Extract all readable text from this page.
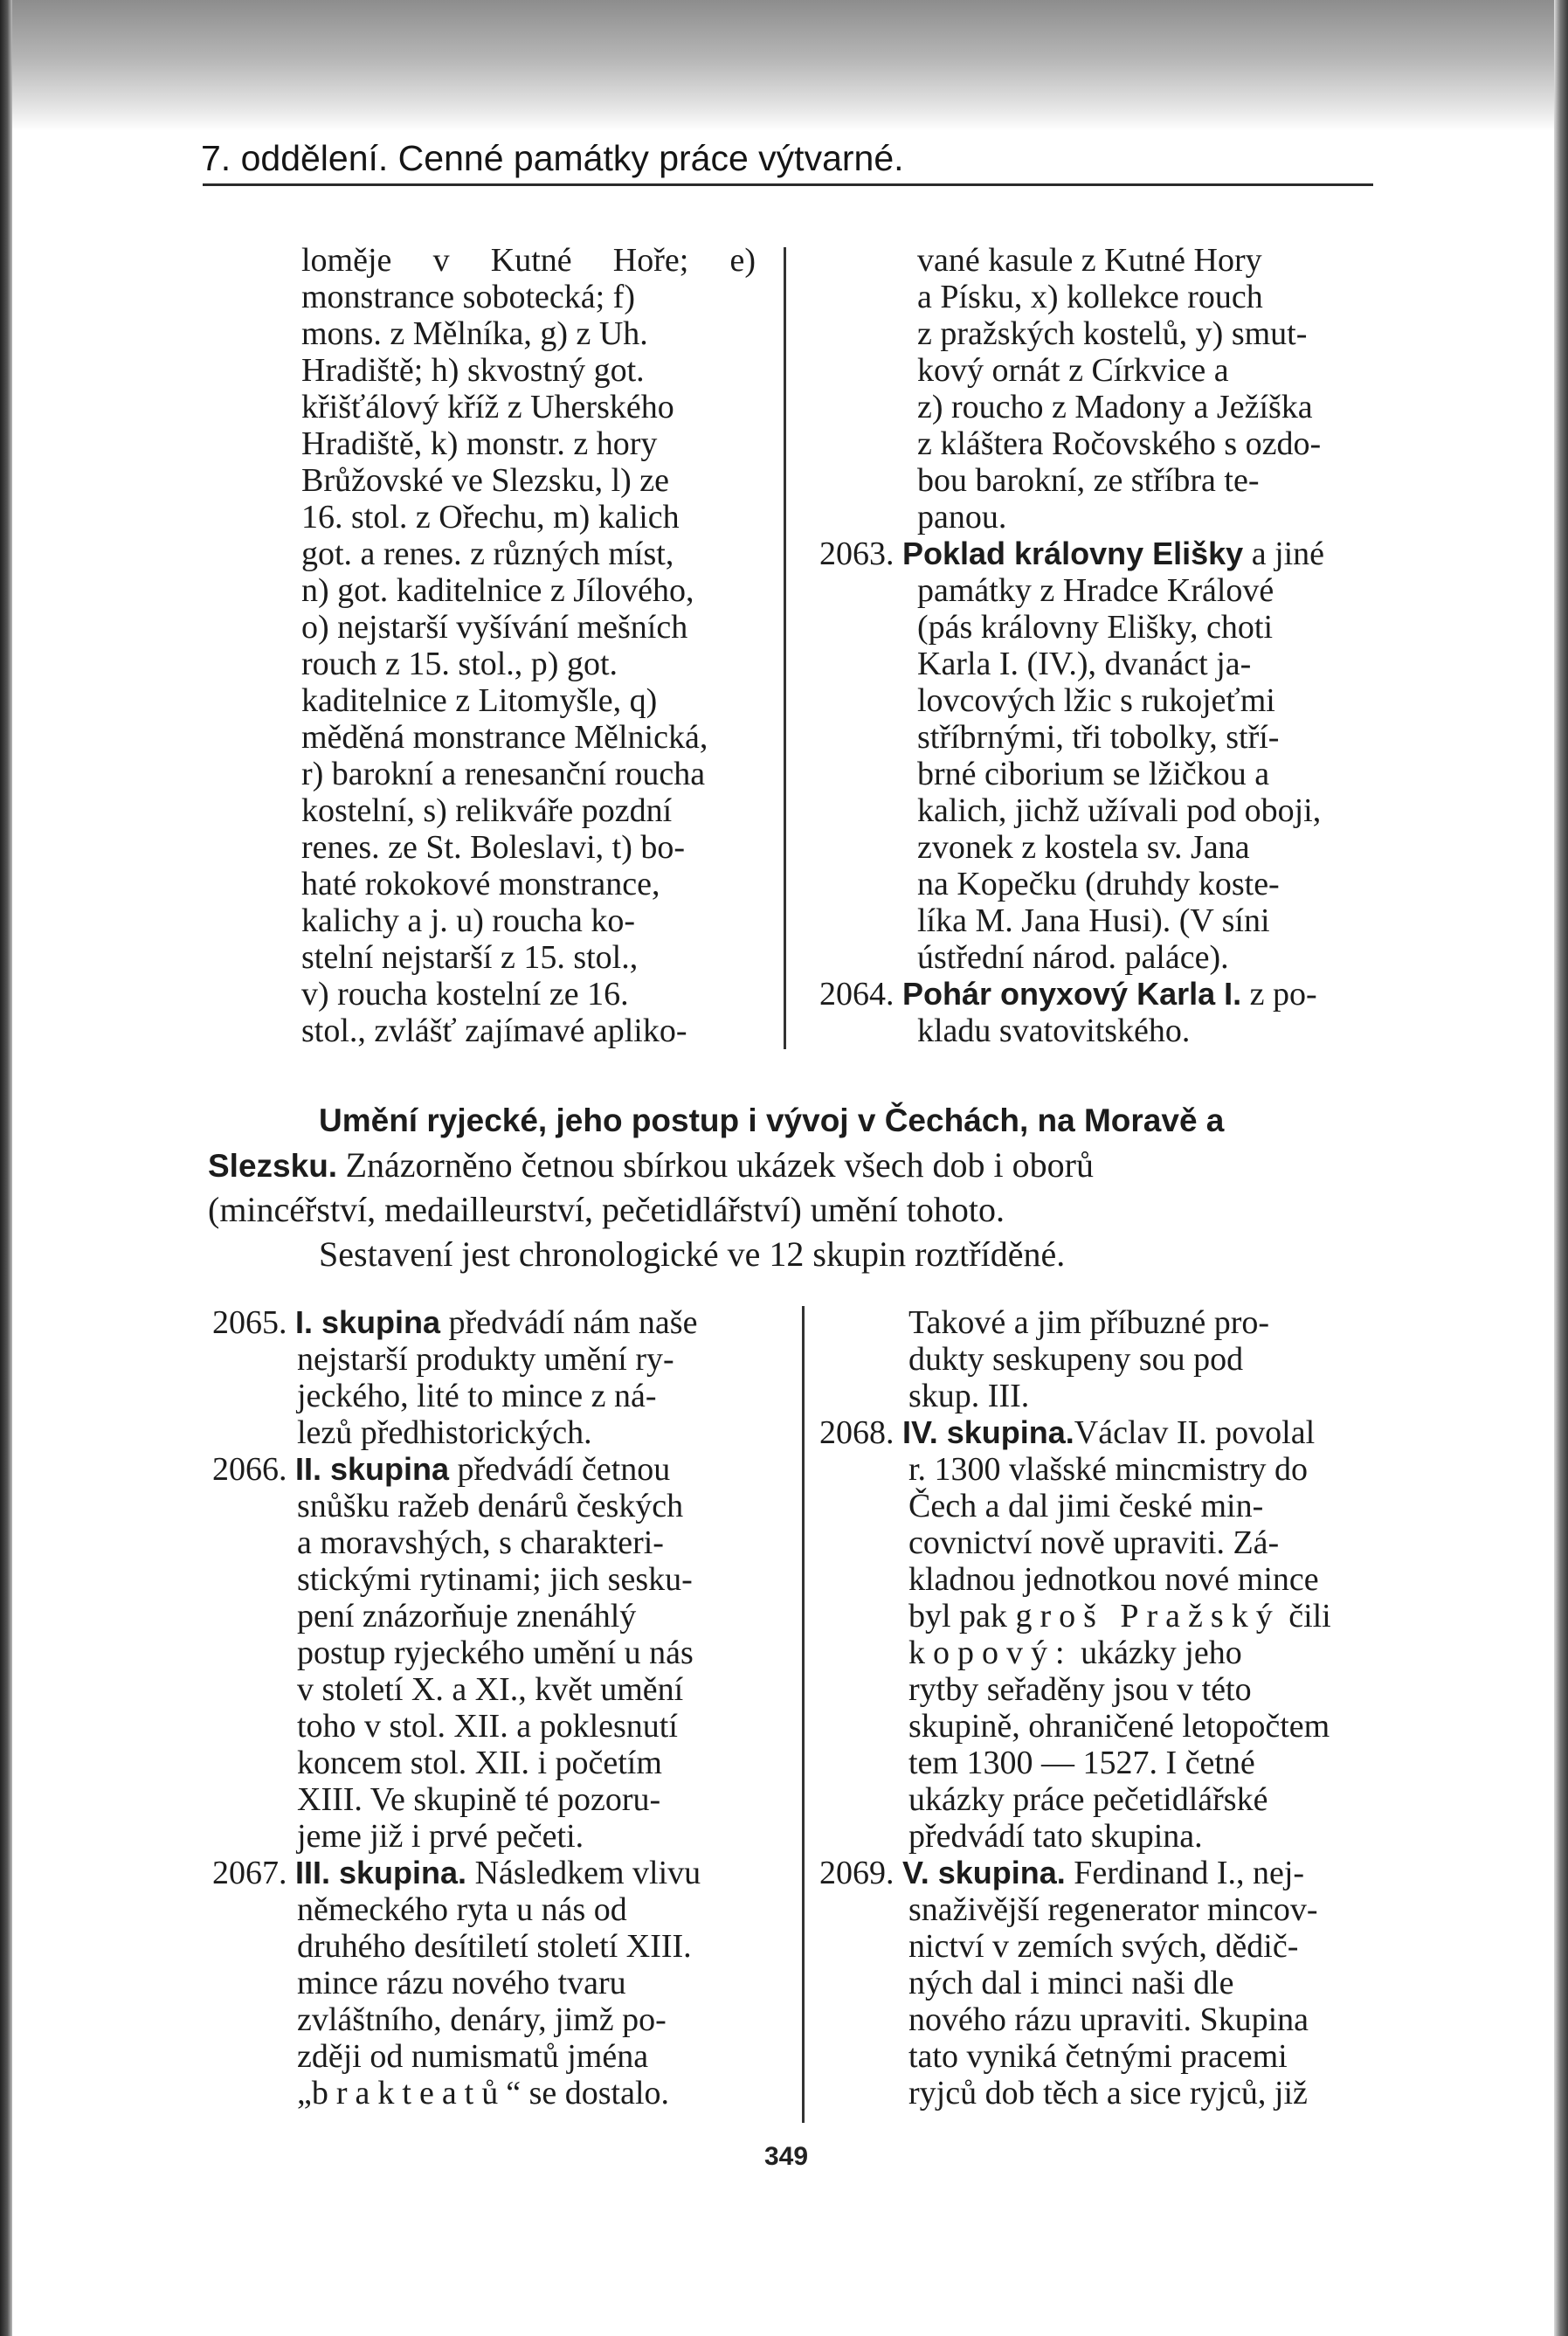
7. oddělení. Cenné památky práce výtvarné.
loměje v Kutné Hoře; e)
monstrance sobotecká; f)
mons. z Mělníka, g) z Uh.
Hradiště; h) skvostný got.
křišťálový kříž z Uherského
Hradiště, k) monstr. z hory
Brůžovské ve Slezsku, l) ze
16. stol. z Ořechu, m) kalich
got. a renes. z různých míst,
n) got. kaditelnice z Jílového,
o) nejstarší vyšívání mešních
rouch z 15. stol., p) got.
kaditelnice z Litomyšle, q)
měděná monstrance Mělnická,
r) barokní a renesanční roucha
kostelní, s) relikváře pozdní
renes. ze St. Boleslavi, t) bo-
haté rokokové monstrance,
kalichy a j. u) roucha ko-
stelní nejstarší z 15. stol.,
v) roucha kostelní ze 16.
stol., zvlášť zajímavé apliko-
vané kasule z Kutné Hory
a Písku, x) kollekce rouch
z pražských kostelů, y) smut-
kový ornát z Církvice a
z) roucho z Madony a Ježíška
z kláštera Ročovského s ozdo-
bou barokní, ze stříbra te-
panou.
2063. Poklad královny Elišky a jiné
památky z Hradce Králové
(pás královny Elišky, choti
Karla I. (IV.), dvanáct ja-
lovcových lžic s rukojeťmi
stříbrnými, tři tobolky, stří-
brné ciborium se lžičkou a
kalich, jichž užívali pod oboji,
zvonek z kostela sv. Jana
na Kopečku (druhdy koste-
líka M. Jana Husi). (V síni
ústřední národ. paláce).
2064. Pohár onyxový Karla I. z po-
kladu svatovitského.
Umění ryjecké, jeho postup i vývoj v Čechách, na Moravě a
Slezsku. Znázorněno četnou sbírkou ukázek všech dob i oborů
(mincéřství, medailleurství, pečetidlářství) umění tohoto.
Sestavení jest chronologické ve 12 skupin roztříděné.
2065. I. skupina předvádí nám naše
nejstarší produkty umění ry-
jeckého, lité to mince z ná-
lezů předhistorických.
2066. II. skupina předvádí četnou
snůšku ražeb denárů českých
a moravshých, s charakteri-
stickými rytinami; jich sesku-
pení znázorňuje znenáhlý
postup ryjeckého umění u nás
v století X. a XI., květ umění
toho v stol. XII. a poklesnutí
koncem stol. XII. i početím
XIII. Ve skupině té pozoru-
jeme již i prvé pečeti.
2067. III. skupina. Následkem vlivu
německého ryta u nás od
druhého desítiletí století XIII.
mince rázu nového tvaru
zvláštního, denáry, jimž po-
zději od numismatů jména
„brakteatů“ se dostalo.
Takové a jim příbuzné pro-
dukty seskupeny sou pod
skup. III.
2068. IV. skupina.Václav II. povolal
r. 1300 vlašské mincmistry do
Čech a dal jimi české min-
covnictví nově upraviti. Zá-
kladnou jednotkou nové mince
byl pak groš Pražský čili
kopový: ukázky jeho
rytby seřaděny jsou v této
skupině, ohraničené letopočtem
tem 1300 — 1527. I četné
ukázky práce pečetidlářské
předvádí tato skupina.
2069. V. skupina. Ferdinand I., nej-
snaživější regenerator mincov-
nictví v zemích svých, dědič-
ných dal i minci naši dle
nového rázu upraviti. Skupina
tato vyniká četnými pracemi
ryjců dob těch a sice ryjců, již
349
